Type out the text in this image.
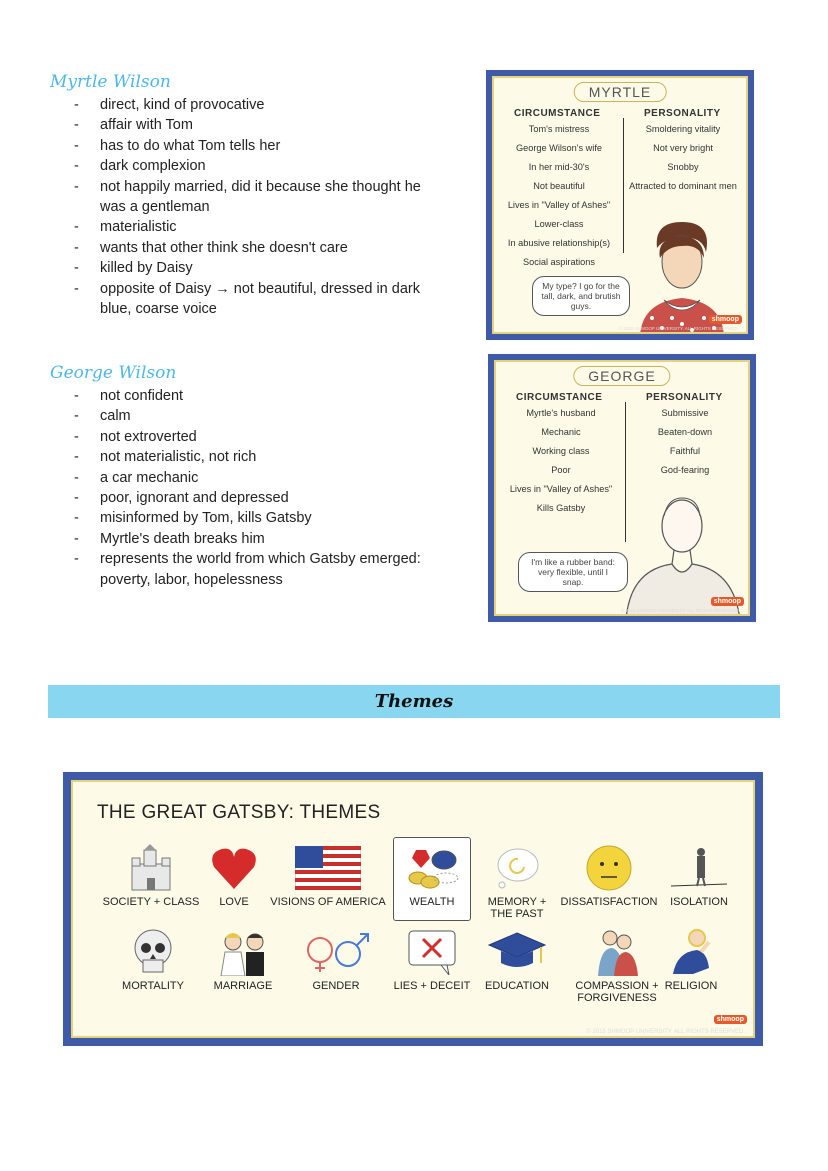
Myrtle Wilson
- direct, kind of provocative
- affair with Tom
- has to do what Tom tells her
- dark complexion
- not happily married, did it because she thought he was a gentleman
- materialistic
- wants that other think she doesn't care
- killed by Daisy
- opposite of Daisy → not beautiful, dressed in dark blue, coarse voice
George Wilson
- not confident
- calm
- not extroverted
- not materialistic, not rich
- a car mechanic
- poor, ignorant and depressed
- misinformed by Tom, kills Gatsby
- Myrtle's death breaks him
- represents the world from which Gatsby emerged: poverty, labor, hopelessness
MYRTLE
CIRCUMSTANCE	PERSONALITY
Tom's mistress
George Wilson's wife
In her mid-30's
Not beautiful
Lives in "Valley of Ashes"
Lower-class
In abusive relationship(s)
Social aspirations
Smoldering vitality
Not very bright
Snobby
Attracted to dominant men
My type? I go for the tall, dark, and brutish guys.
© 2015 SHMOOP UNIVERSITY. ALL RIGHTS RESERVED.
shmoop
GEORGE
CIRCUMSTANCE	PERSONALITY
Myrtle's husband
Mechanic
Working class
Poor
Lives in "Valley of Ashes"
Kills Gatsby
Submissive
Beaten-down
Faithful
God-fearing
I'm like a rubber band: very flexible, until I snap.
© 2015 SHMOOP UNIVERSITY. ALL RIGHTS RESERVED.
shmoop
Themes
THE GREAT GATSBY: THEMES
SOCIETY + CLASS	LOVE	VISIONS OF AMERICA	WEALTH	MEMORY + THE PAST
DISSATISFACTION	ISOLATION
MORTALITY	MARRIAGE	GENDER	LIES + DECEIT	EDUCATION	COMPASSION + FORGIVENESS
RELIGION
shmoop
© 2015 SHMOOP UNIVERSITY. ALL RIGHTS RESERVED.
